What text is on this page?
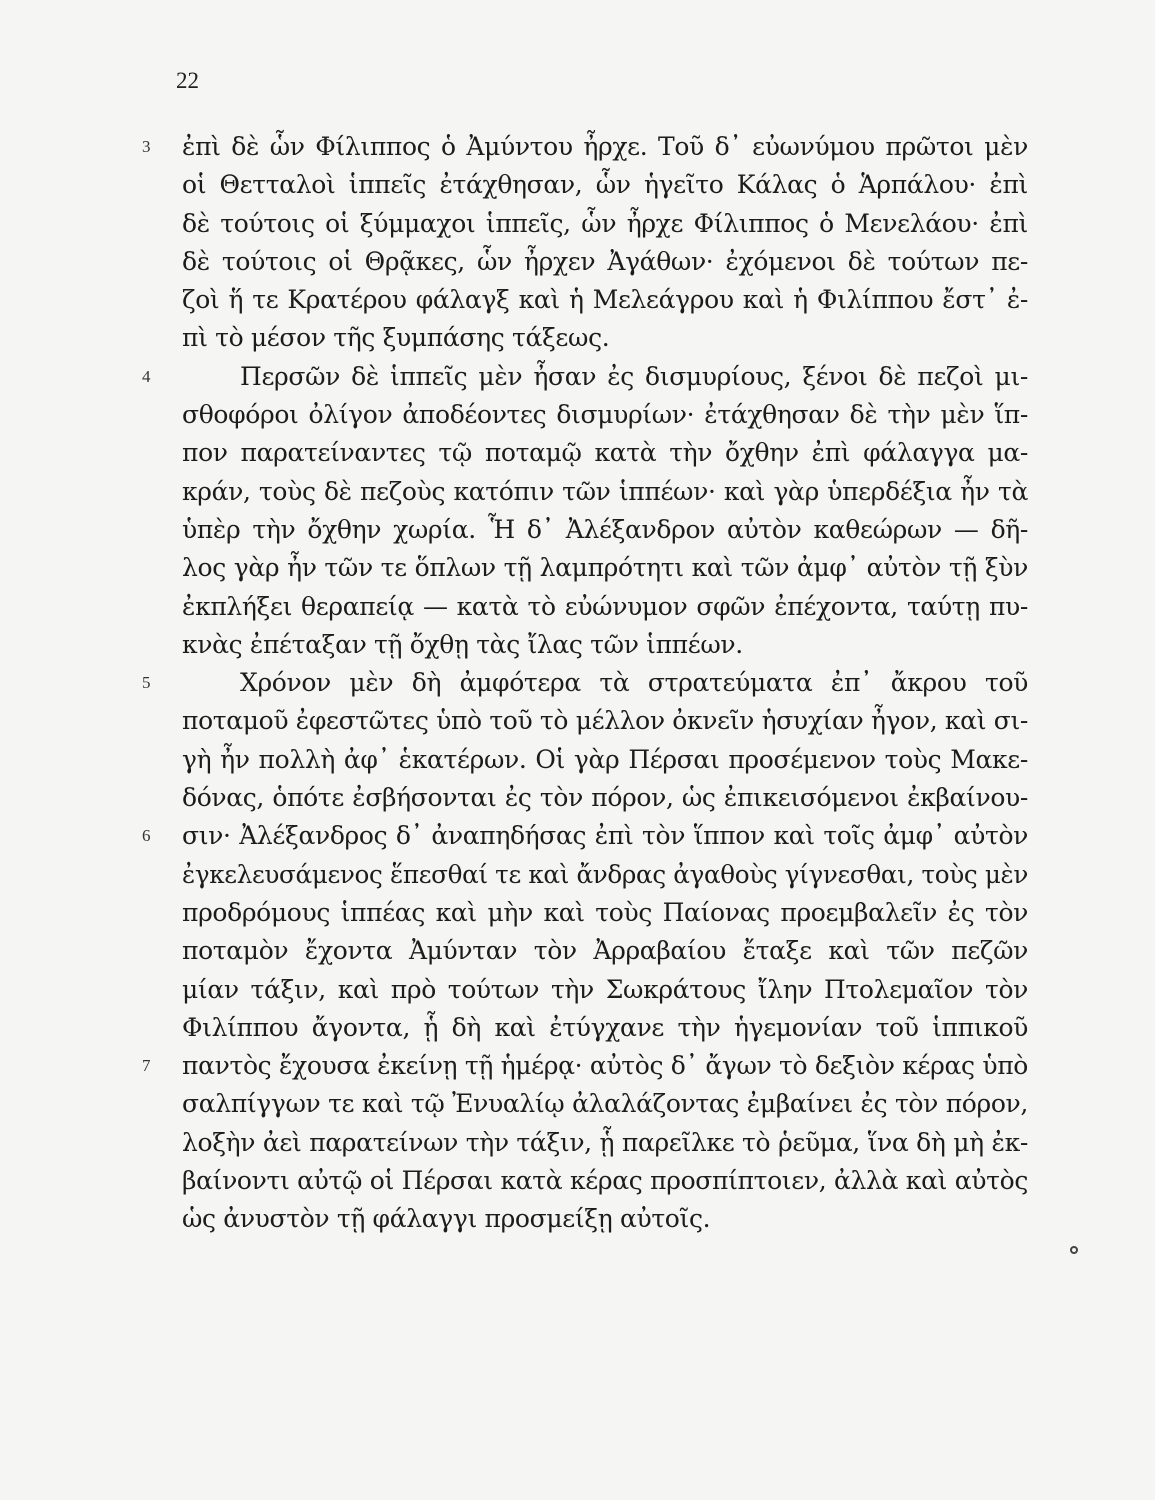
22
3 ἐπὶ δὲ ὧν Φίλιππος ὁ Ἀμύντου ἦρχε. Τοῦ δ᾽ εὐωνύμου πρῶτοι μὲν
οἱ Θετταλοὶ ἱππεῖς ἐτάχθησαν, ὧν ἡγεῖτο Κάλας ὁ Ἁρπάλου· ἐπὶ
δὲ τούτοις οἱ ξύμμαχοι ἱππεῖς, ὧν ἦρχε Φίλιππος ὁ Μενελάου· ἐπὶ
δὲ τούτοις οἱ Θρᾷκες, ὧν ἦρχεν Ἀγάθων· ἐχόμενοι δὲ τούτων πε-
ζοὶ ἥ τε Κρατέρου φάλαγξ καὶ ἡ Μελεάγρου καὶ ἡ Φιλίππου ἔστ᾽ ἐ-
πὶ τὸ μέσον τῆς ξυμπάσης τάξεως.
4	Περσῶν δὲ ἱππεῖς μὲν ἦσαν ἐς δισμυρίους, ξένοι δὲ πεζοὶ μι-
σθοφόροι ὀλίγον ἀποδέοντες δισμυρίων· ἐτάχθησαν δὲ τὴν μὲν ἵπ-
πον παρατείναντες τῷ ποταμῷ κατὰ τὴν ὄχθην ἐπὶ φάλαγγα μα-
κράν, τοὺς δὲ πεζοὺς κατόπιν τῶν ἱππέων· καὶ γὰρ ὑπερδέξια ἦν τὰ
ὑπὲρ τὴν ὄχθην χωρία. Ἧ δ᾽ Ἀλέξανδρον αὐτὸν καθεώρων — δῆ-
λος γὰρ ἦν τῶν τε ὅπλων τῇ λαμπρότητι καὶ τῶν ἀμφ᾽ αὐτὸν τῇ ξὺν
ἐκπλήξει θεραπείᾳ — κατὰ τὸ εὐώνυμον σφῶν ἐπέχοντα, ταύτῃ πυ-
κνὰς ἐπέταξαν τῇ ὄχθῃ τὰς ἴλας τῶν ἱππέων.
5	Χρόνον μὲν δὴ ἀμφότερα τὰ στρατεύματα ἐπ᾽ ἄκρου τοῦ
ποταμοῦ ἐφεστῶτες ὑπὸ τοῦ τὸ μέλλον ὀκνεῖν ἡσυχίαν ἦγον, καὶ σι-
γὴ ἦν πολλὴ ἀφ᾽ ἑκατέρων. Οἱ γὰρ Πέρσαι προσέμενον τοὺς Μακε-
δόνας, ὁπότε ἐσβήσονται ἐς τὸν πόρον, ὡς ἐπικεισόμενοι ἐκβαίνου-
6 σιν· Ἀλέξανδρος δ᾽ ἀναπηδήσας ἐπὶ τὸν ἵππον καὶ τοῖς ἀμφ᾽ αὐτὸν
ἐγκελευσάμενος ἕπεσθαί τε καὶ ἄνδρας ἀγαθοὺς γίγνεσθαι, τοὺς μὲν
προδρόμους ἱππέας καὶ μὴν καὶ τοὺς Παίονας προεμβαλεῖν ἐς τὸν
ποταμὸν ἔχοντα Ἀμύνταν τὸν Ἀρραβαίου ἔταξε καὶ τῶν πεζῶν
μίαν τάξιν, καὶ πρὸ τούτων τὴν Σωκράτους ἴλην Πτολεμαῖον τὸν
Φιλίππου ἄγοντα, ᾗ δὴ καὶ ἐτύγχανε τὴν ἡγεμονίαν τοῦ ἱππικοῦ
7 παντὸς ἔχουσα ἐκείνῃ τῇ ἡμέρᾳ· αὐτὸς δ᾽ ἄγων τὸ δεξιὸν κέρας ὑπὸ
σαλπίγγων τε καὶ τῷ Ἐνυαλίῳ ἀλαλάζοντας ἐμβαίνει ἐς τὸν πόρον,
λοξὴν ἀεὶ παρατείνων τὴν τάξιν, ᾗ παρεῖλκε τὸ ῥεῦμα, ἵνα δὴ μὴ ἐκ-
βαίνοντι αὐτῷ οἱ Πέρσαι κατὰ κέρας προσπίπτοιεν, ἀλλὰ καὶ αὐτὸς
ὡς ἀνυστὸν τῇ φάλαγγι προσμείξῃ αὐτοῖς.
